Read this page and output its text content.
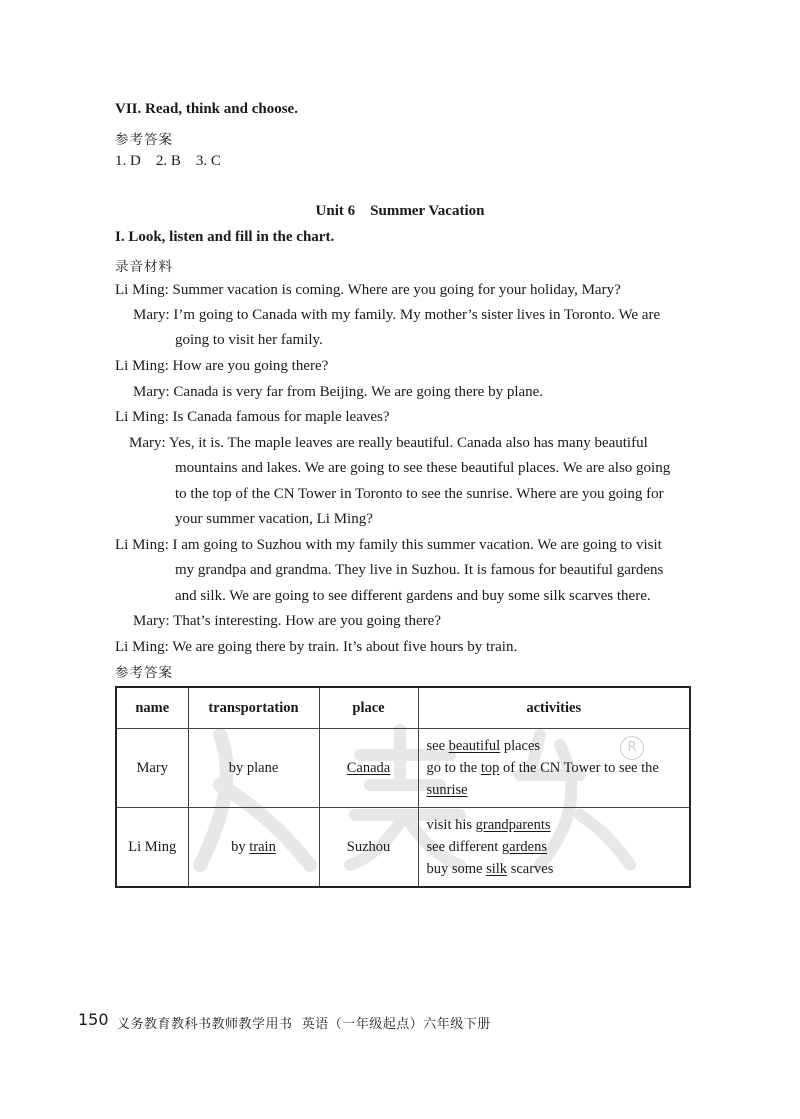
VII. Read, think and choose.
参考答案
1. D    2. B    3. C
Unit 6    Summer Vacation
I. Look, listen and fill in the chart.
录音材料
Li Ming: Summer vacation is coming. Where are you going for your holiday, Mary?
Mary: I’m going to Canada with my family. My mother’s sister lives in Toronto. We are
going to visit her family.
Li Ming: How are you going there?
Mary: Canada is very far from Beijing. We are going there by plane.
Li Ming: Is Canada famous for maple leaves?
Mary: Yes, it is. The maple leaves are really beautiful. Canada also has many beautiful
mountains and lakes. We are going to see these beautiful places. We are also going
to the top of the CN Tower in Toronto to see the sunrise. Where are you going for
your summer vacation, Li Ming?
Li Ming: I am going to Suzhou with my family this summer vacation. We are going to visit
my grandpa and grandma. They live in Suzhou. It is famous for beautiful gardens
and silk. We are going to see different gardens and buy some silk scarves there.
Mary: That’s interesting. How are you going there?
Li Ming: We are going there by train. It’s about five hours by train.
参考答案
R
name	transportation	place	activities
Mary	by plane	Canada	see beautiful places
go to the top of the CN Tower to see the
sunrise

Li Ming	by train	Suzhou	visit his grandparents
see different gardens
buy some silk scarves
150 义务教育教科书教师教学用书  英语（一年级起点）六年级下册
